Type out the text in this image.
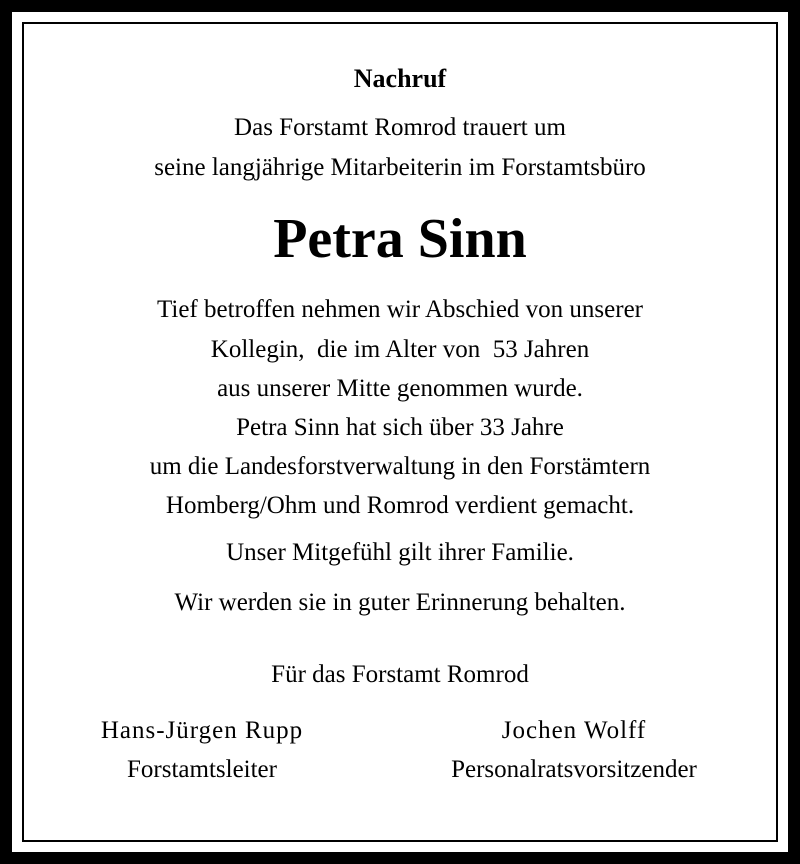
Nachruf
Das Forstamt Romrod trauert um
seine langjährige Mitarbeiterin im Forstamtsbüro
Petra Sinn
Tief betroffen nehmen wir Abschied von unserer
Kollegin,  die im Alter von  53 Jahren
aus unserer Mitte genommen wurde.
Petra Sinn hat sich über 33 Jahre
um die Landesforstverwaltung in den Forstämtern
Homberg/Ohm und Romrod verdient gemacht.
Unser Mitgefühl gilt ihrer Familie.
Wir werden sie in guter Erinnerung behalten.
Für das Forstamt Romrod
Hans-Jürgen Rupp
Forstamtsleiter
Jochen Wolff
Personalratsvorsitzender
